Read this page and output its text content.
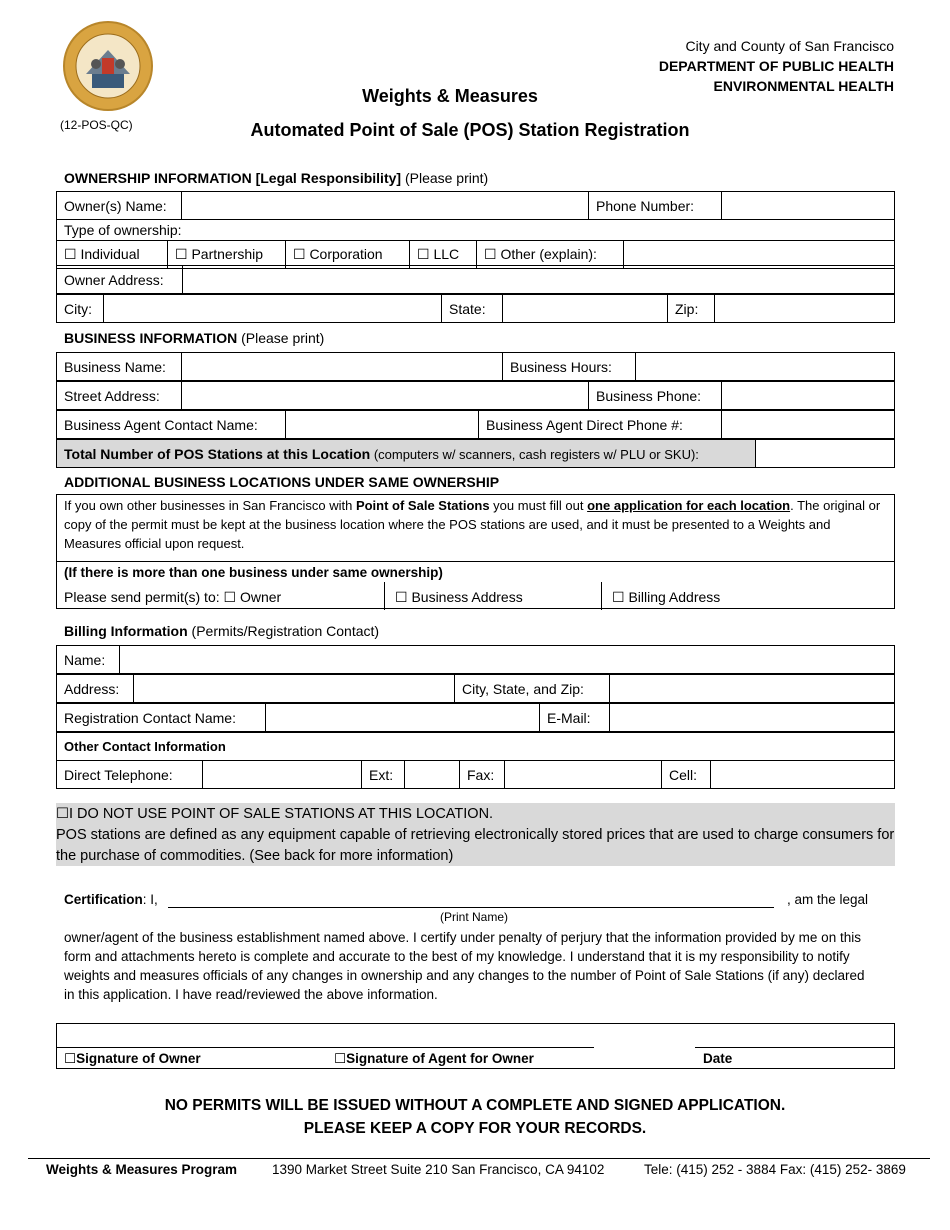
(12-POS-QC)
City and County of San Francisco
DEPARTMENT OF PUBLIC HEALTH
ENVIRONMENTAL HEALTH
Weights & Measures
Automated Point of Sale (POS) Station Registration
OWNERSHIP INFORMATION [Legal Responsibility] (Please print)
Owner(s) Name:		Phone Number:	
Type of ownership:
☐ Individual	☐ Partnership	☐ Corporation	☐ LLC	☐ Other (explain):	
Owner Address:	
City:		State:		Zip:	
BUSINESS INFORMATION (Please print)
Business Name:		Business Hours:	
Street Address:		Business Phone:	
Business Agent Contact Name:		Business Agent Direct Phone #:	
Total Number of POS Stations at this Location (computers w/ scanners, cash registers w/ PLU or SKU):	
ADDITIONAL BUSINESS LOCATIONS UNDER SAME OWNERSHIP
If you own other businesses in San Francisco with Point of Sale Stations you must fill out one application for each location. The original or copy of the permit must be kept at the business location where the POS stations are used, and it must be presented to a Weights and Measures official upon request.
(If there is more than one business under same ownership)
Please send permit(s) to: ☐ Owner	☐ Business Address	☐ Billing Address
Billing Information (Permits/Registration Contact)
Name:	
Address:		City, State, and Zip:	
Registration Contact Name:		E-Mail:	
Other Contact Information
Direct Telephone:		Ext:		Fax:		Cell:	
☐I DO NOT USE POINT OF SALE STATIONS AT THIS LOCATION.
POS stations are defined as any equipment capable of retrieving electronically stored prices that are used to charge consumers for the purchase of commodities. (See back for more information)
Certification: I,	, am the legal
(Print Name)
owner/agent of the business establishment named above. I certify under penalty of perjury that the information provided by me on this form and attachments hereto is complete and accurate to the best of my knowledge. I understand that it is my responsibility to notify weights and measures officials of any changes in ownership and any changes to the number of Point of Sale Stations (if any) declared in this application. I have read/reviewed the above information.
☐Signature of Owner	☐Signature of Agent for Owner	Date
NO PERMITS WILL BE ISSUED WITHOUT A COMPLETE AND SIGNED APPLICATION.
PLEASE KEEP A COPY FOR YOUR RECORDS.
Weights & Measures Program	1390 Market Street Suite 210 San Francisco, CA 94102	Tele: (415) 252 - 3884 Fax: (415) 252- 3869
